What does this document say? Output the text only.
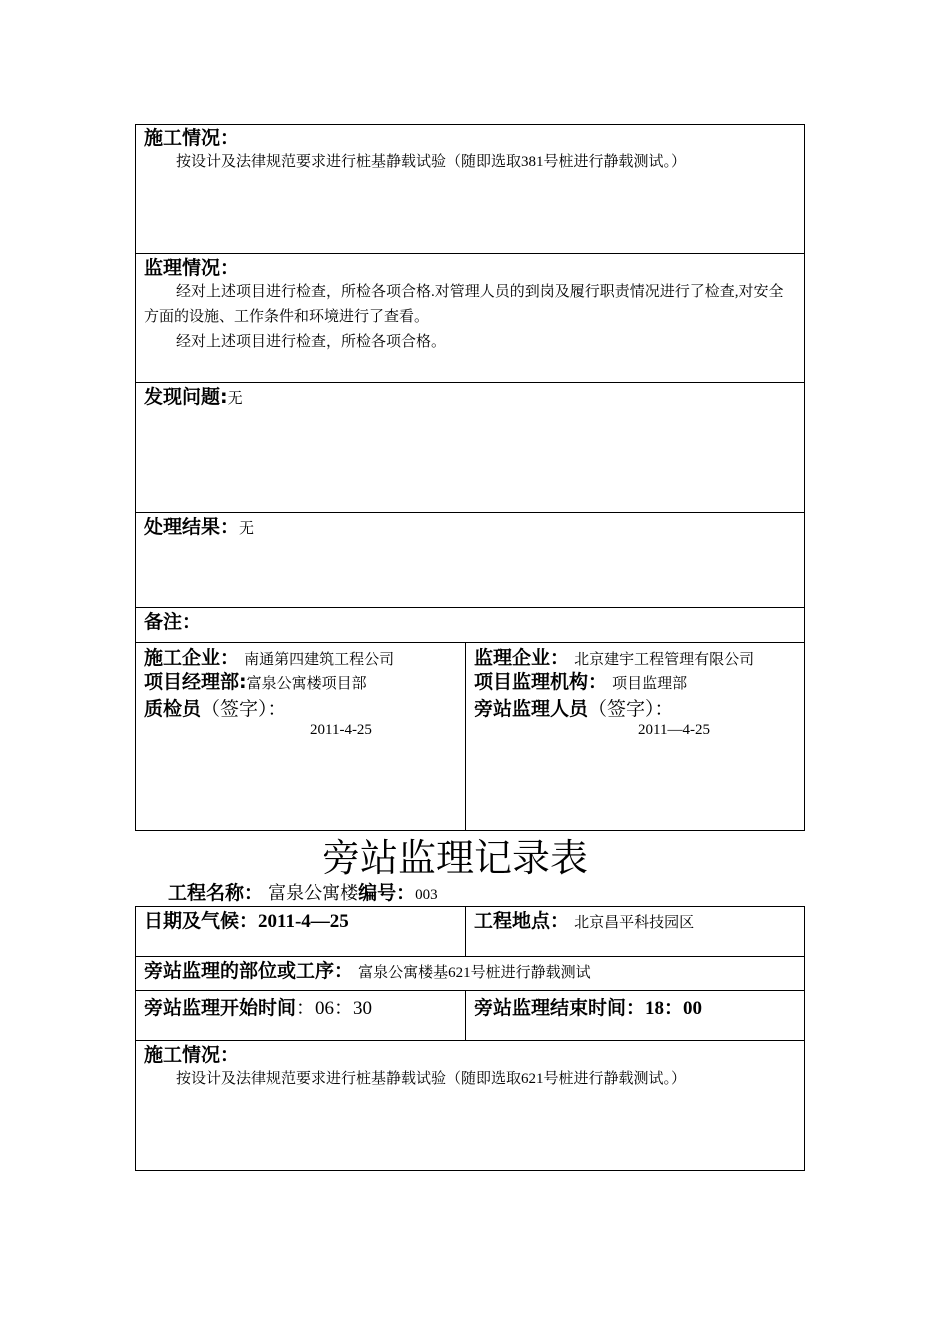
施工情况：

按设计及法律规范要求进行桩基静载试验（随即选取381号桩进行静载测试。）

监理情况：

经对上述项目进行检查，所检各项合格.对管理人员的到岗及履行职责情况进行了检查,对安全方面的设施、工作条件和环境进行了查看。

经对上述项目进行检查，所检各项合格。

发现问题:无
处理结果：无
备注：
施工企业： 南通第四建筑工程公司
项目经理部:富泉公寓楼项目部
质检员（签字）：
2011-4-25
监理企业： 北京建宇工程管理有限公司
项目监理机构： 项目监理部
旁站监理人员（签字）：
2011—4-25
旁站监理记录表
工程名称： 富泉公寓楼编号：003
日期及气候：2011-4—25	工程地点： 北京昌平科技园区
旁站监理的部位或工序： 富泉公寓楼基621号桩进行静载测试
旁站监理开始时间：06：30	旁站监理结束时间：18：00
施工情况：

按设计及法律规范要求进行桩基静载试验（随即选取621号桩进行静载测试。）
